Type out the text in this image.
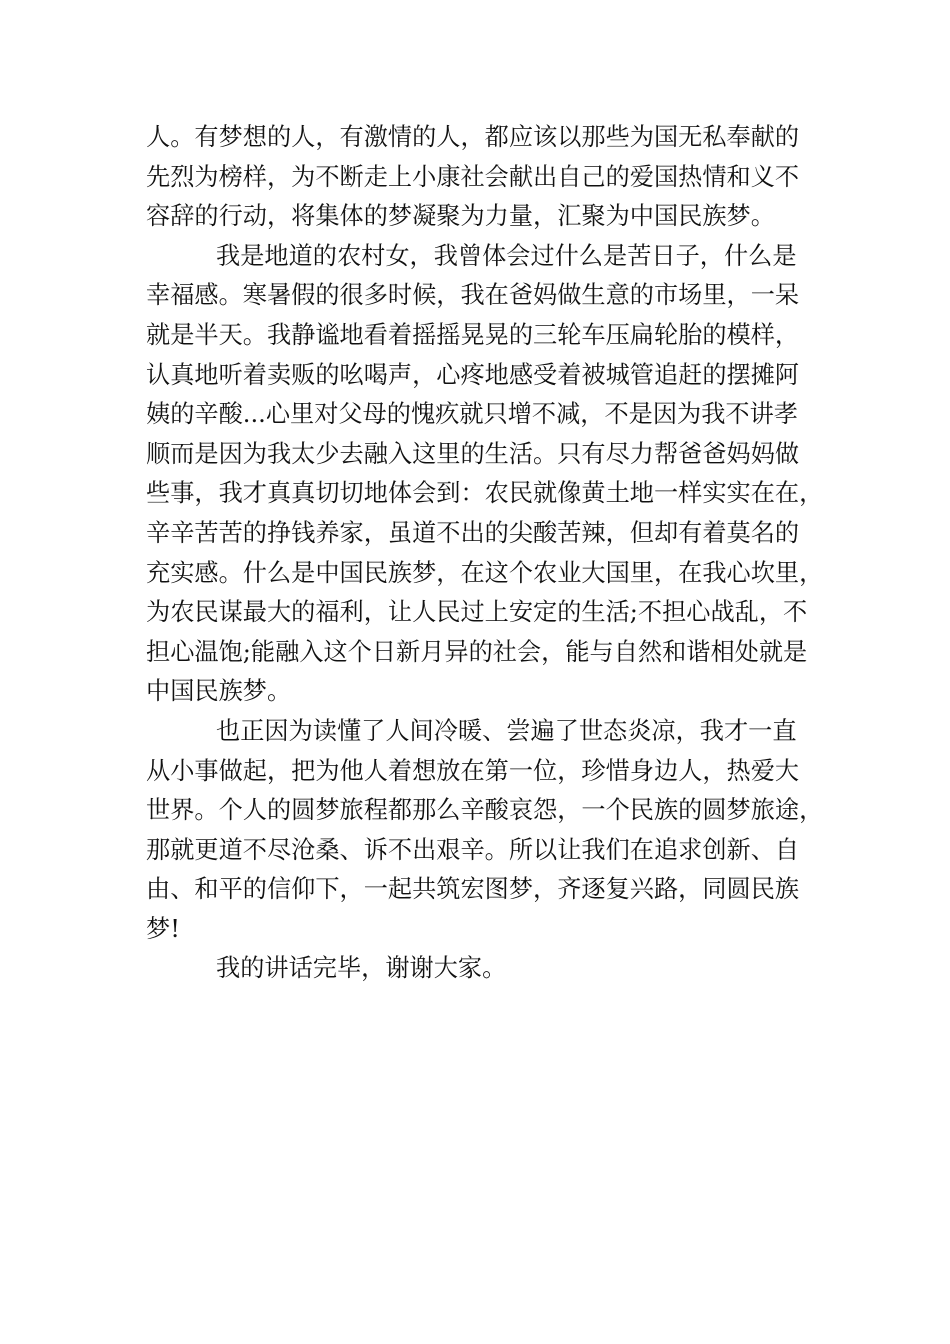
人。有梦想的人，有激情的人，都应该以那些为国无私奉献的
先烈为榜样，为不断走上小康社会献出自己的爱国热情和义不
容辞的行动，将集体的梦凝聚为力量，汇聚为中国民族梦。
我是地道的农村女，我曾体会过什么是苦日子，什么是
幸福感。寒暑假的很多时候，我在爸妈做生意的市场里，一呆
就是半天。我静谧地看着摇摇晃晃的三轮车压扁轮胎的模样，
认真地听着卖贩的吆喝声，心疼地感受着被城管追赶的摆摊阿
姨的辛酸...心里对父母的愧疚就只增不减，不是因为我不讲孝
顺而是因为我太少去融入这里的生活。只有尽力帮爸爸妈妈做
些事，我才真真切切地体会到：农民就像黄土地一样实实在在，
辛辛苦苦的挣钱养家，虽道不出的尖酸苦辣，但却有着莫名的
充实感。什么是中国民族梦，在这个农业大国里，在我心坎里，
为农民谋最大的福利，让人民过上安定的生活;不担心战乱，不
担心温饱;能融入这个日新月异的社会，能与自然和谐相处就是
中国民族梦。
也正因为读懂了人间冷暖、尝遍了世态炎凉，我才一直
从小事做起，把为他人着想放在第一位，珍惜身边人，热爱大
世界。个人的圆梦旅程都那么辛酸哀怨，一个民族的圆梦旅途，
那就更道不尽沧桑、诉不出艰辛。所以让我们在追求创新、自
由、和平的信仰下，一起共筑宏图梦，齐逐复兴路，同圆民族
梦!
我的讲话完毕，谢谢大家。
